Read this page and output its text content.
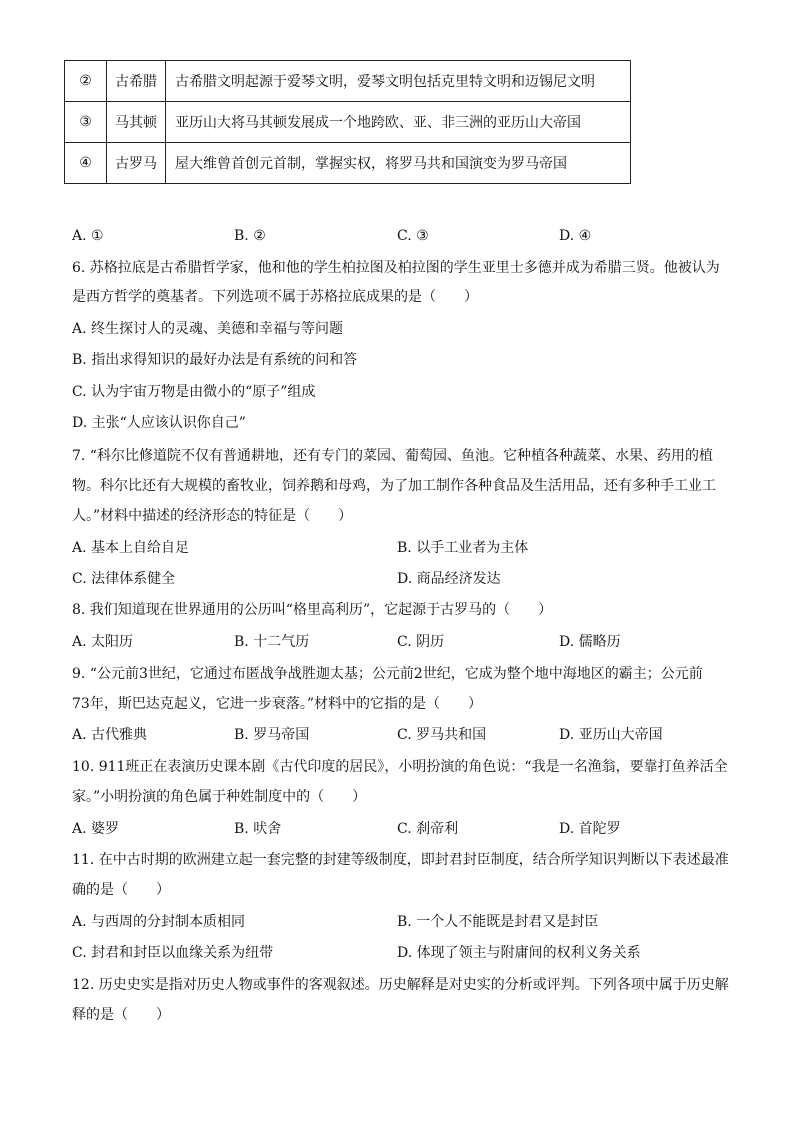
②	古希腊	古希腊文明起源于爱琴文明，爱琴文明包括克里特文明和迈锡尼文明
③	马其顿	亚历山大将马其顿发展成一个地跨欧、亚、非三洲的亚历山大帝国
④	古罗马	屋大维曾首创元首制，掌握实权，将罗马共和国演变为罗马帝国
A. ①	B. ②	C. ③	D. ④
6. 苏格拉底是古希腊哲学家，他和他的学生柏拉图及柏拉图的学生亚里士多德并成为希腊三贤。他被认为
是西方哲学的奠基者。下列选项不属于苏格拉底成果的是（　　）
A. 终生探讨人的灵魂、美德和幸福与等问题
B. 指出求得知识的最好办法是有系统的问和答
C. 认为宇宙万物是由微小的“原子”组成
D. 主张“人应该认识你自己”
7. “科尔比修道院不仅有普通耕地，还有专门的菜园、葡萄园、鱼池。它种植各种蔬菜、水果、药用的植
物。科尔比还有大规模的畜牧业，饲养鹅和母鸡，为了加工制作各种食品及生活用品，还有多种手工业工
人。”材料中描述的经济形态的特征是（　　）
A. 基本上自给自足	B. 以手工业者为主体
C. 法律体系健全	D. 商品经济发达
8. 我们知道现在世界通用的公历叫“格里高利历”，它起源于古罗马的（　　）
A. 太阳历	B. 十二气历	C. 阴历	D. 儒略历
9. “公元前3世纪，它通过布匿战争战胜迦太基；公元前2世纪，它成为整个地中海地区的霸主；公元前
73年，斯巴达克起义，它进一步衰落。”材料中的它指的是（　　）
A. 古代雅典	B. 罗马帝国	C. 罗马共和国	D. 亚历山大帝国
10. 911班正在表演历史课本剧《古代印度的居民》，小明扮演的角色说：“我是一名渔翁，要靠打鱼养活全
家。”小明扮演的角色属于种姓制度中的（　　）
A. 婆罗	B. 吠舍	C. 刹帝利	D. 首陀罗
11. 在中古时期的欧洲建立起一套完整的封建等级制度，即封君封臣制度，结合所学知识判断以下表述最准
确的是（　　）
A. 与西周的分封制本质相同	B. 一个人不能既是封君又是封臣
C. 封君和封臣以血缘关系为纽带	D. 体现了领主与附庸间的权利义务关系
12. 历史史实是指对历史人物或事件的客观叙述。历史解释是对史实的分析或评判。下列各项中属于历史解
释的是（　　）
